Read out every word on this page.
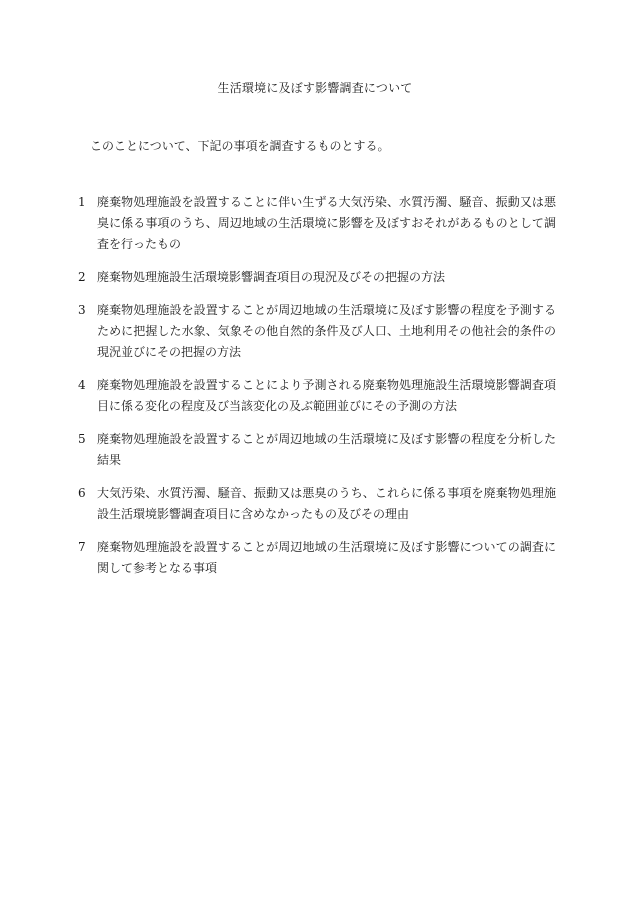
生活環境に及ぼす影響調査について
このことについて、下記の事項を調査するものとする。
1 廃棄物処理施設を設置することに伴い生ずる大気汚染、水質汚濁、騒音、振動又は悪臭に係る事項のうち、周辺地域の生活環境に影響を及ぼすおそれがあるものとして調査を行ったもの
2 廃棄物処理施設生活環境影響調査項目の現況及びその把握の方法
3 廃棄物処理施設を設置することが周辺地域の生活環境に及ぼす影響の程度を予測するために把握した水象、気象その他自然的条件及び人口、土地利用その他社会的条件の現況並びにその把握の方法
4 廃棄物処理施設を設置することにより予測される廃棄物処理施設生活環境影響調査項目に係る変化の程度及び当該変化の及ぶ範囲並びにその予測の方法
5 廃棄物処理施設を設置することが周辺地域の生活環境に及ぼす影響の程度を分析した結果
6 大気汚染、水質汚濁、騒音、振動又は悪臭のうち、これらに係る事項を廃棄物処理施設生活環境影響調査項目に含めなかったもの及びその理由
7 廃棄物処理施設を設置することが周辺地域の生活環境に及ぼす影響についての調査に関して参考となる事項
